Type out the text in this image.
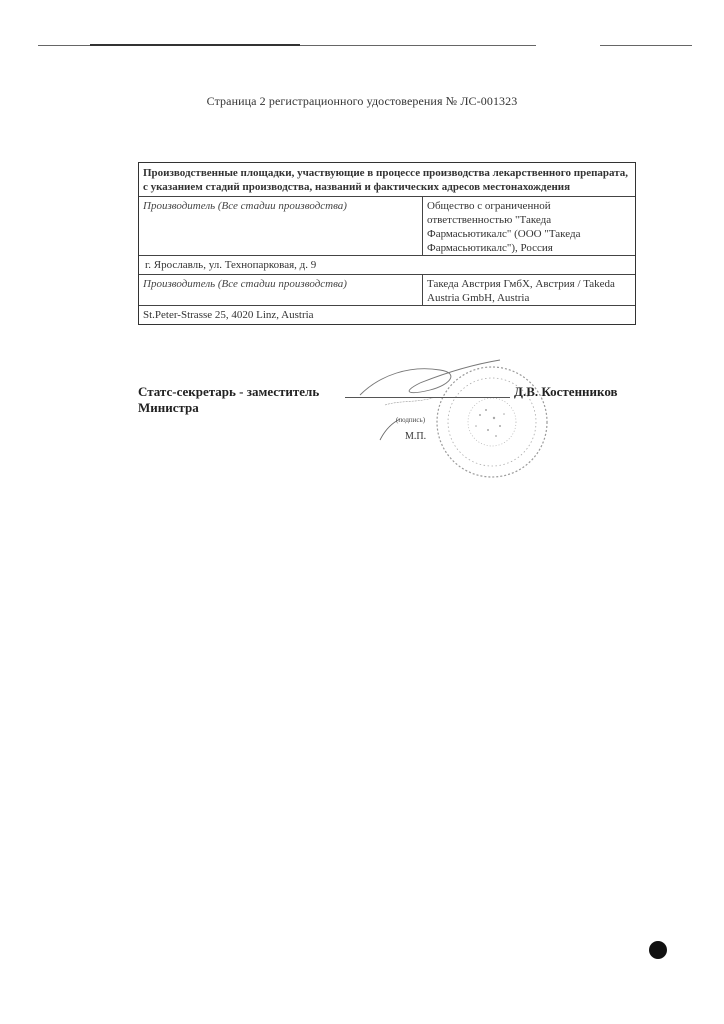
Страница 2 регистрационного удостоверения № ЛС-001323
Производственные площадки, участвующие в процессе производства лекарственного препарата, с указанием стадий производства, названий и фактических адресов местонахождения
Производитель (Все стадии производства)	Общество с ограниченной ответственностью "Такеда Фармасьютикалс" (ООО "Такеда Фармасьютикалс"), Россия
г. Ярославль, ул. Технопарковая, д. 9
Производитель (Все стадии производства)	Такеда Австрия ГмбХ, Австрия / Takeda Austria GmbH, Austria
St.Peter-Strasse 25, 4020 Linz, Austria
Статс-секретарь - заместитель Министра
Д.В. Костенников
(подпись)
М.П.
